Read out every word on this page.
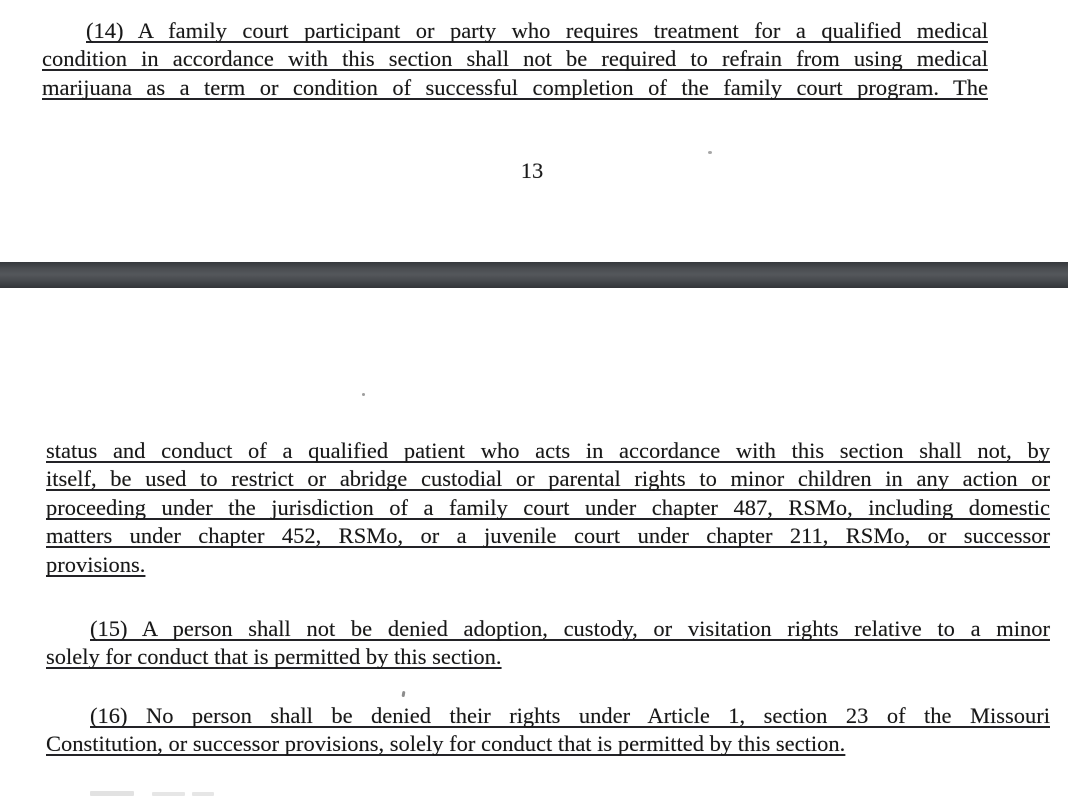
(14) A family court participant or party who requires treatment for a qualified medical
condition in accordance with this section shall not be required to refrain from using medical
marijuana as a term or condition of successful completion of the family court program. The
13
status and conduct of a qualified patient who acts in accordance with this section shall not, by
itself, be used to restrict or abridge custodial or parental rights to minor children in any action or
proceeding under the jurisdiction of a family court under chapter 487, RSMo, including domestic
matters under chapter 452, RSMo, or a juvenile court under chapter 211, RSMo, or successor
provisions.
(15) A person shall not be denied adoption, custody, or visitation rights relative to a minor
solely for conduct that is permitted by this section.
(16) No person shall be denied their rights under Article 1, section 23 of the Missouri
Constitution, or successor provisions, solely for conduct that is permitted by this section.
